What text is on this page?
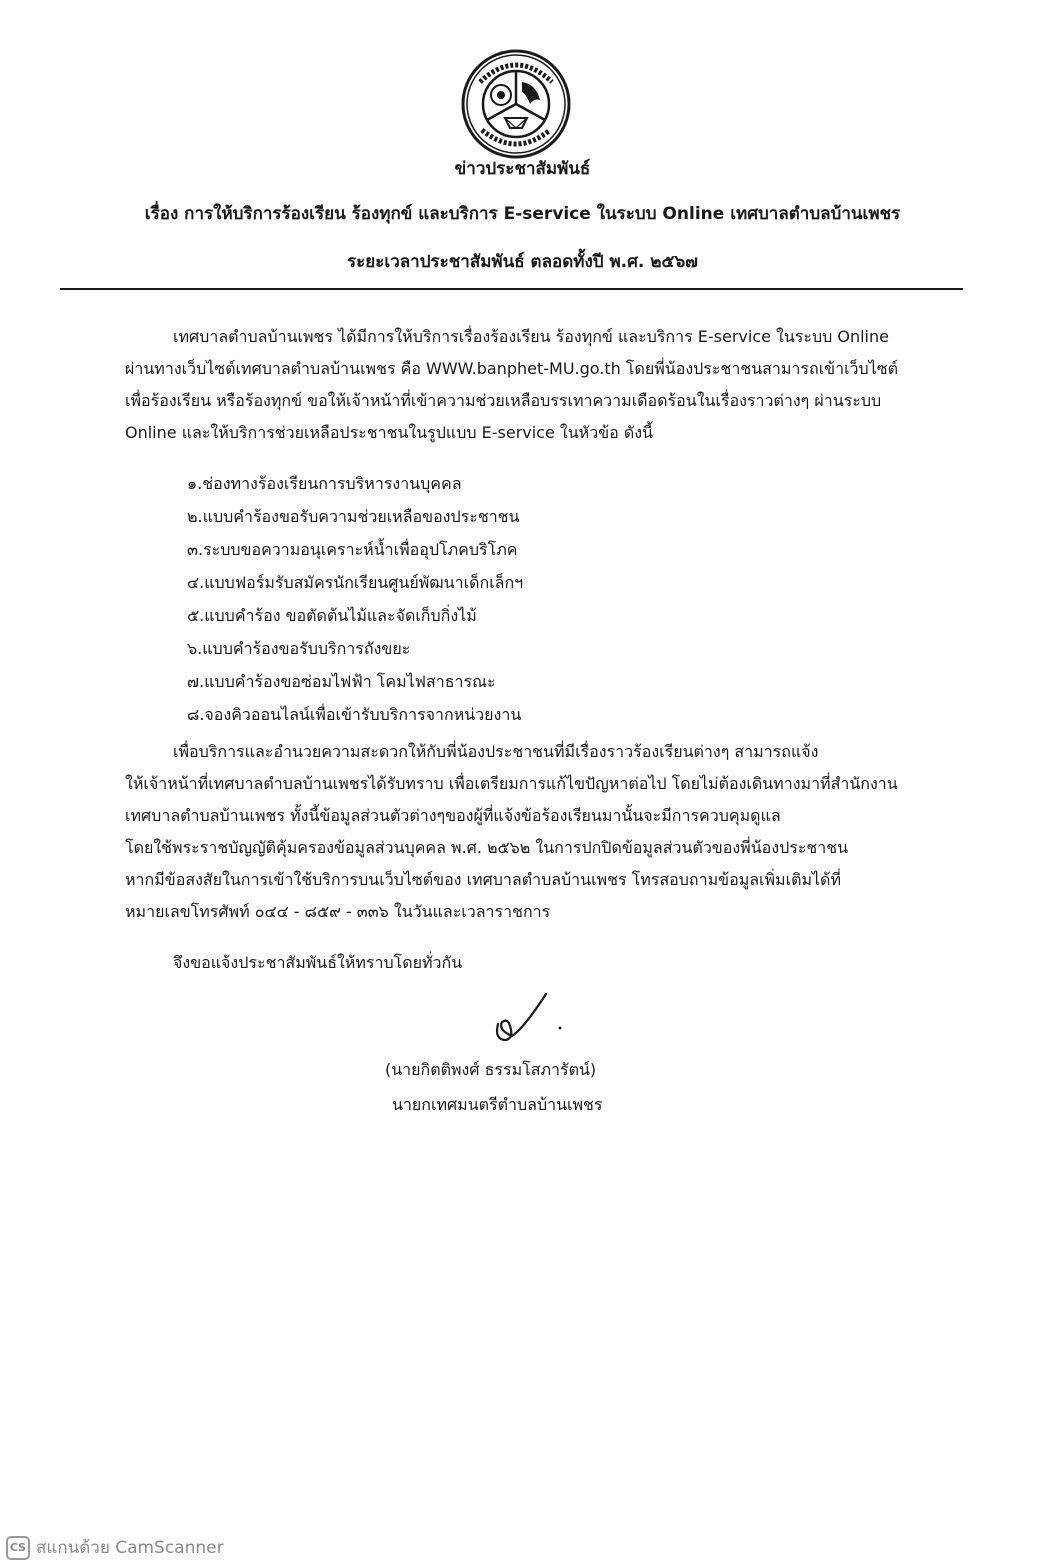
ข่าวประชาสัมพันธ์
เรื่อง การให้บริการร้องเรียน ร้องทุกข์ และบริการ E-service ในระบบ Online เทศบาลตำบลบ้านเพชร
ระยะเวลาประชาสัมพันธ์ ตลอดทั้งปี พ.ศ. ๒๕๖๗
เทศบาลตำบลบ้านเพชร ได้มีการให้บริการเรื่องร้องเรียน ร้องทุกข์ และบริการ E-service ในระบบ Online
ผ่านทางเว็บไซต์เทศบาลตำบลบ้านเพชร คือ WWW.banphet-MU.go.th โดยพี่น้องประชาชนสามารถเข้าเว็บไซต์
เพื่อร้องเรียน หรือร้องทุกข์ ขอให้เจ้าหน้าที่เข้าความช่วยเหลือบรรเทาความเดือดร้อนในเรื่องราวต่างๆ ผ่านระบบ
Online และให้บริการช่วยเหลือประชาชนในรูปแบบ E-service ในหัวข้อ ดังนี้
๑.ช่องทางร้องเรียนการบริหารงานบุคคล
๒.แบบคำร้องขอรับความช่วยเหลือของประชาชน
๓.ระบบขอความอนุเคราะห์น้ำเพื่ออุปโภคบริโภค
๔.แบบฟอร์มรับสมัครนักเรียนศูนย์พัฒนาเด็กเล็กฯ
๕.แบบคำร้อง ขอตัดต้นไม้และจัดเก็บกิ่งไม้
๖.แบบคำร้องขอรับบริการถังขยะ
๗.แบบคำร้องขอซ่อมไฟฟ้า โคมไฟสาธารณะ
๘.จองคิวออนไลน์เพื่อเข้ารับบริการจากหน่วยงาน
เพื่อบริการและอำนวยความสะดวกให้กับพี่น้องประชาชนที่มีเรื่องราวร้องเรียนต่างๆ สามารถแจ้ง
ให้เจ้าหน้าที่เทศบาลตำบลบ้านเพชรได้รับทราบ เพื่อเตรียมการแก้ไขปัญหาต่อไป โดยไม่ต้องเดินทางมาที่สำนักงาน
เทศบาลตำบลบ้านเพชร ทั้งนี้ข้อมูลส่วนตัวต่างๆของผู้ที่แจ้งข้อร้องเรียนมานั้นจะมีการควบคุมดูแล
โดยใช้พระราชบัญญัติคุ้มครองข้อมูลส่วนบุคคล พ.ศ. ๒๕๖๒ ในการปกปิดข้อมูลส่วนตัวของพี่น้องประชาชน
หากมีข้อสงสัยในการเข้าใช้บริการบนเว็บไซต์ของ เทศบาลตำบลบ้านเพชร โทรสอบถามข้อมูลเพิ่มเติมได้ที่
หมายเลขโทรศัพท์ ๐๔๔ - ๘๕๙ - ๓๓๖ ในวันและเวลาราชการ
จึงขอแจ้งประชาสัมพันธ์ให้ทราบโดยทั่วกัน
(นายกิตติพงศ์ ธรรมโสภารัตน์)
นายกเทศมนตรีตำบลบ้านเพชร
CS สแกนด้วย CamScanner
